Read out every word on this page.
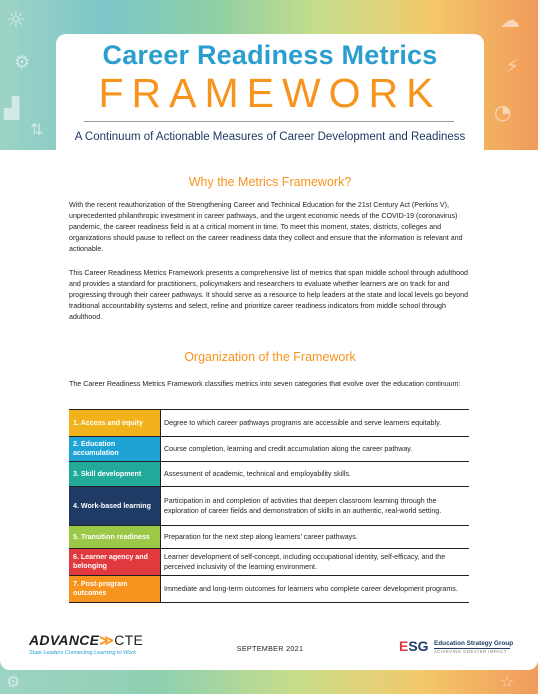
☼
⚙
▟
⇅
☁
⚡
◔
⚙	☆
Career Readiness Metrics
FRAMEWORK
A Continuum of Actionable Measures of Career Development and Readiness
Why the Metrics Framework?

With the recent reauthorization of the Strengthening Career and Technical Education for the 21st Century Act (Perkins V), unprecedented philanthropic investment in career pathways, and the urgent economic needs of the COVID-19 (coronavirus) pandemic, the career readiness field is at a critical moment in time. To meet this moment, states, districts, colleges and organizations should pause to reflect on the career readiness data they collect and ensure that the information is relevant and actionable.

This Career Readiness Metrics Framework presents a comprehensive list of metrics that span middle school through adulthood and provides a standard for practitioners, policymakers and researchers to evaluate whether learners are on track for and progressing through their career pathways. It should serve as a resource to help leaders at the state and local levels go beyond traditional accountability systems and select, refine and prioritize career readiness indicators from middle school through adulthood.

Organization of the Framework

The Career Readiness Metrics Framework classifies metrics into seven categories that evolve over the education continuum:

1. Access and equity	Degree to which career pathways programs are accessible and serve learners equitably.
2. Education accumulation	Course completion, learning and credit accumulation along the career pathway.
3. Skill development	Assessment of academic, technical and employability skills.
4. Work-based learning	Participation in and completion of activities that deepen classroom learning through the exploration of career fields and demonstration of skills in an authentic, real-world setting.
5. Transition readiness	Preparation for the next step along learners’ career pathways.
6. Learner agency and belonging	Learner development of self-concept, including occupational identity, self-efficacy, and the perceived inclusivity of the learning environment.
7. Post-program outcomes	Immediate and long-term outcomes for learners who complete career development programs.
ADVANCE≫CTE
State Leaders Connecting Learning to Work	SEPTEMBER 2021	ESG Education Strategy Group
ACHIEVING GREATER IMPACT
